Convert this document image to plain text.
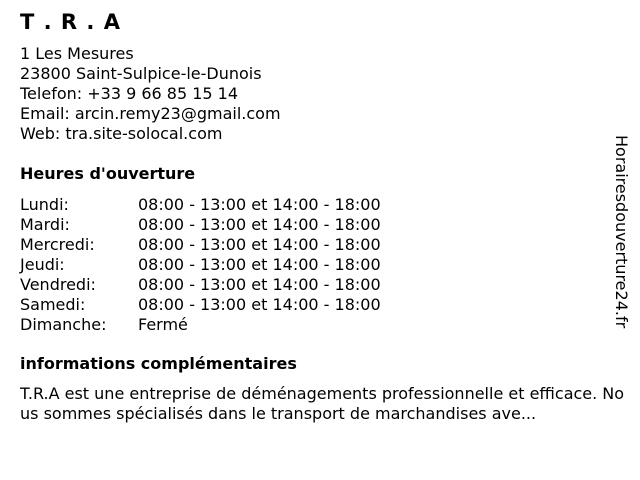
T . R . A
1 Les Mesures
23800 Saint-Sulpice-le-Dunois
Telefon: +33 9 66 85 15 14
Email: arcin.remy23@gmail.com
Web: tra.site-solocal.com
Heures d'ouverture
Lundi:	08:00 - 13:00 et 14:00 - 18:00
Mardi:	08:00 - 13:00 et 14:00 - 18:00
Mercredi:	08:00 - 13:00 et 14:00 - 18:00
Jeudi:	08:00 - 13:00 et 14:00 - 18:00
Vendredi:	08:00 - 13:00 et 14:00 - 18:00
Samedi:	08:00 - 13:00 et 14:00 - 18:00
Dimanche: Fermé
informations complémentaires
T.R.A est une entreprise de déménagements professionnelle et efficace. Nous sommes spécialisés dans le transport de marchandises ave...
Horairesdouverture24.fr
